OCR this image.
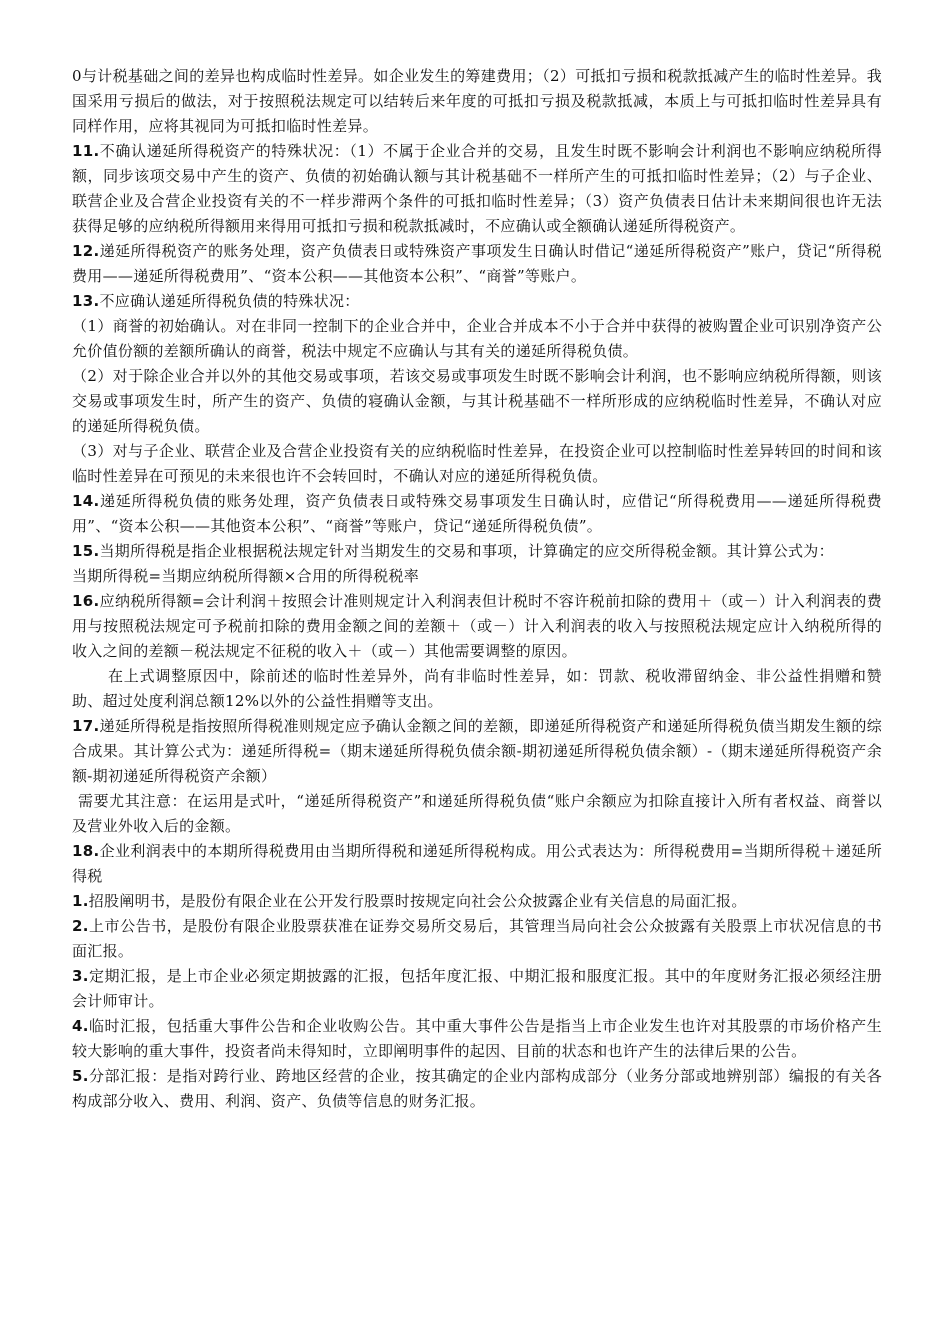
0与计税基础之间的差异也构成临时性差异。如企业发生的筹建费用；（2）可抵扣亏损和税款抵减产生的临时性差异。我国采用亏损后的做法，对于按照税法规定可以结转后来年度的可抵扣亏损及税款抵减，本质上与可抵扣临时性差异具有同样作用，应将其视同为可抵扣临时性差异。

11.不确认递延所得税资产的特殊状况：（1）不属于企业合并的交易，且发生时既不影响会计利润也不影响应纳税所得额，同步该项交易中产生的资产、负债的初始确认额与其计税基础不一样所产生的可抵扣临时性差异；（2）与子企业、联营企业及合营企业投资有关的不一样步滞两个条件的可抵扣临时性差异；（3）资产负债表日估计未来期间很也许无法获得足够的应纳税所得额用来得用可抵扣亏损和税款抵减时，不应确认或全额确认递延所得税资产。

12.递延所得税资产的账务处理，资产负债表日或特殊资产事项发生日确认时借记“递延所得税资产”账户，贷记“所得税费用——递延所得税费用”、“资本公积——其他资本公积”、“商誉”等账户。

13.不应确认递延所得税负债的特殊状况：

（1）商誉的初始确认。对在非同一控制下的企业合并中，企业合并成本不小于合并中获得的被购置企业可识别净资产公允价值份额的差额所确认的商誉，税法中规定不应确认与其有关的递延所得税负债。

（2）对于除企业合并以外的其他交易或事项，若该交易或事项发生时既不影响会计利润，也不影响应纳税所得额，则该交易或事项发生时，所产生的资产、负债的寝确认金额，与其计税基础不一样所形成的应纳税临时性差异，不确认对应的递延所得税负债。

（3）对与子企业、联营企业及合营企业投资有关的应纳税临时性差异，在投资企业可以控制临时性差异转回的时间和该临时性差异在可预见的未来很也许不会转回时，不确认对应的递延所得税负债。

14.递延所得税负债的账务处理，资产负债表日或特殊交易事项发生日确认时，应借记“所得税费用——递延所得税费用”、“资本公积——其他资本公积”、“商誉”等账户，贷记“递延所得税负债”。

15.当期所得税是指企业根据税法规定针对当期发生的交易和事项，计算确定的应交所得税金额。其计算公式为：

当期所得税=当期应纳税所得额×合用的所得税税率

16.应纳税所得额=会计利润＋按照会计准则规定计入利润表但计税时不容许税前扣除的费用＋（或－）计入利润表的费用与按照税法规定可予税前扣除的费用金额之间的差额＋（或－）计入利润表的收入与按照税法规定应计入纳税所得的收入之间的差额－税法规定不征税的收入＋（或－）其他需要调整的原因。

在上式调整原因中，除前述的临时性差异外，尚有非临时性差异，如：罚款、税收滞留纳金、非公益性捐赠和赞助、超过处度利润总额12%以外的公益性捐赠等支出。

17.递延所得税是指按照所得税准则规定应予确认金额之间的差额，即递延所得税资产和递延所得税负债当期发生额的综合成果。其计算公式为：递延所得税=（期末递延所得税负债余额-期初递延所得税负债余额）-（期末递延所得税资产余额-期初递延所得税资产余额）

需要尤其注意：在运用是式叶，“递延所得税资产”和递延所得税负债“账户余额应为扣除直接计入所有者权益、商誉以及营业外收入后的金额。

18.企业利润表中的本期所得税费用由当期所得税和递延所得税构成。用公式表达为：所得税费用=当期所得税＋递延所得税

1.招股阐明书，是股份有限企业在公开发行股票时按规定向社会公众披露企业有关信息的局面汇报。

2.上市公告书，是股份有限企业股票获准在证券交易所交易后，其管理当局向社会公众披露有关股票上市状况信息的书面汇报。

3.定期汇报，是上市企业必须定期披露的汇报，包括年度汇报、中期汇报和服度汇报。其中的年度财务汇报必须经注册会计师审计。

4.临时汇报，包括重大事件公告和企业收购公告。其中重大事件公告是指当上市企业发生也许对其股票的市场价格产生较大影响的重大事件，投资者尚未得知时，立即阐明事件的起因、目前的状态和也许产生的法律后果的公告。

5.分部汇报：是指对跨行业、跨地区经营的企业，按其确定的企业内部构成部分（业务分部或地辨别部）编报的有关各构成部分收入、费用、利润、资产、负债等信息的财务汇报。
